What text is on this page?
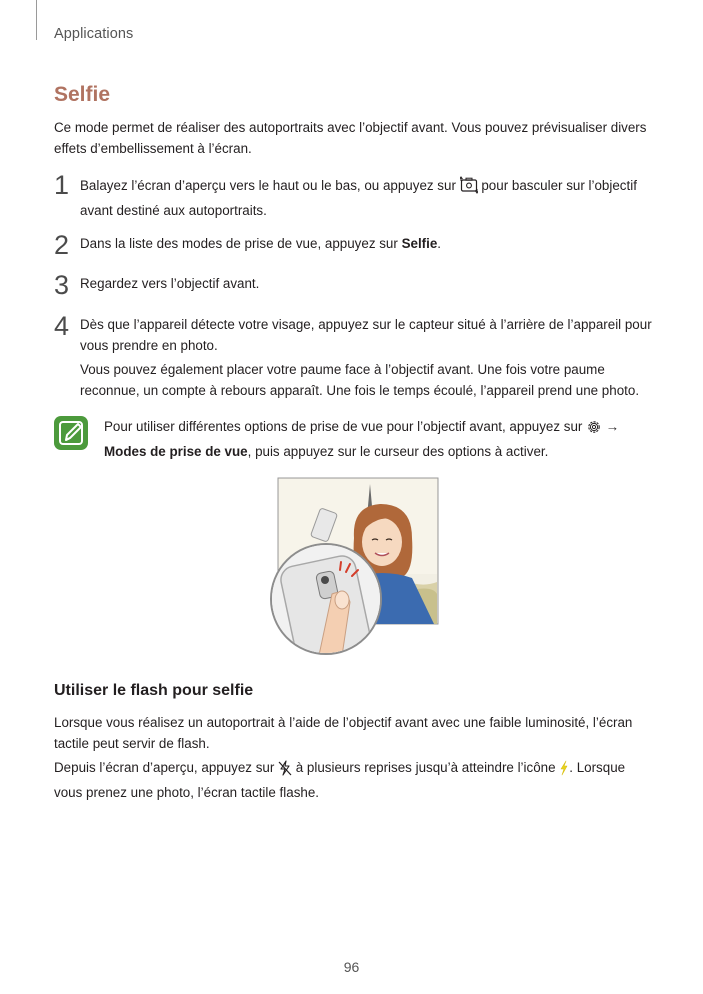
Applications
Selfie

Ce mode permet de réaliser des autoportraits avec l’objectif avant. Vous pouvez prévisualiser divers effets d’embellissement à l’écran.

1 Balayez l’écran d’aperçu vers le haut ou le bas, ou appuyez sur  pour basculer sur l’objectif avant destiné aux autoportraits.

2 Dans la liste des modes de prise de vue, appuyez sur Selfie.

3 Regardez vers l’objectif avant.

4 Dès que l’appareil détecte votre visage, appuyez sur le capteur situé à l’arrière de l’appareil pour vous prendre en photo.

Vous pouvez également placer votre paume face à l’objectif avant. Une fois votre paume reconnue, un compte à rebours apparaît. Une fois le temps écoulé, l’appareil prend une photo.

Pour utiliser différentes options de prise de vue pour l’objectif avant, appuyez sur  →
Modes de prise de vue, puis appuyez sur le curseur des options à activer.

Utiliser le flash pour selfie

Lorsque vous réalisez un autoportrait à l’aide de l’objectif avant avec une faible luminosité, l’écran tactile peut servir de flash.

Depuis l’écran d’aperçu, appuyez sur  à plusieurs reprises jusqu’à atteindre l’icône . Lorsque vous prenez une photo, l’écran tactile flashe.

96
